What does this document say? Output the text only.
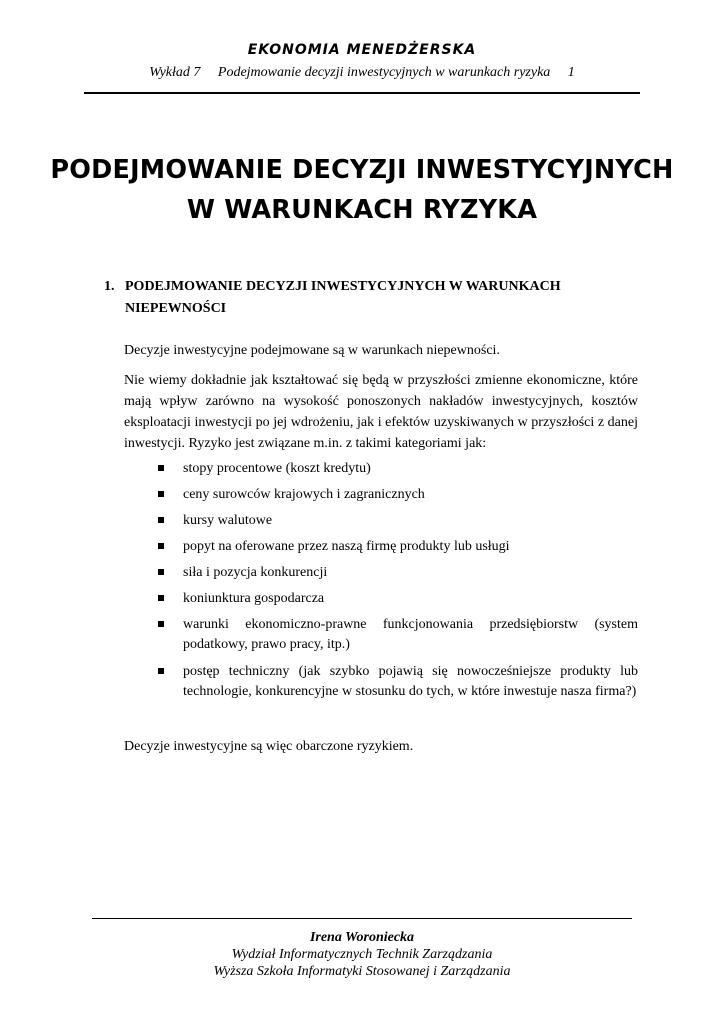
EKONOMIA MENEDŻERSKA
Wykład 7 Podejmowanie decyzji inwestycyjnych w warunkach ryzyka 1
PODEJMOWANIE DECYZJI INWESTYCYJNYCH
W WARUNKACH RYZYKA
1. PODEJMOWANIE DECYZJI INWESTYCYJNYCH W WARUNKACH NIEPEWNOŚCI
Decyzje inwestycyjne podejmowane są w warunkach niepewności.
Nie wiemy dokładnie jak kształtować się będą w przyszłości zmienne ekonomiczne, które mają wpływ zarówno na wysokość ponoszonych nakładów inwestycyjnych, kosztów eksploatacji inwestycji po jej wdrożeniu, jak i efektów uzyskiwanych w przyszłości z danej inwestycji. Ryzyko jest związane m.in. z takimi kategoriami jak:
stopy procentowe (koszt kredytu)
ceny surowców krajowych i zagranicznych
kursy walutowe
popyt na oferowane przez naszą firmę produkty lub usługi
siła i pozycja konkurencji
koniunktura gospodarcza
warunki ekonomiczno-prawne funkcjonowania przedsiębiorstw (system podatkowy, prawo pracy, itp.)
postęp techniczny (jak szybko pojawią się nowocześniejsze produkty lub technologie, konkurencyjne w stosunku do tych, w które inwestuje nasza firma?)
Decyzje inwestycyjne są więc obarczone ryzykiem.
Irena Woroniecka
Wydział Informatycznych Technik Zarządzania
Wyższa Szkoła Informatyki Stosowanej i Zarządzania
